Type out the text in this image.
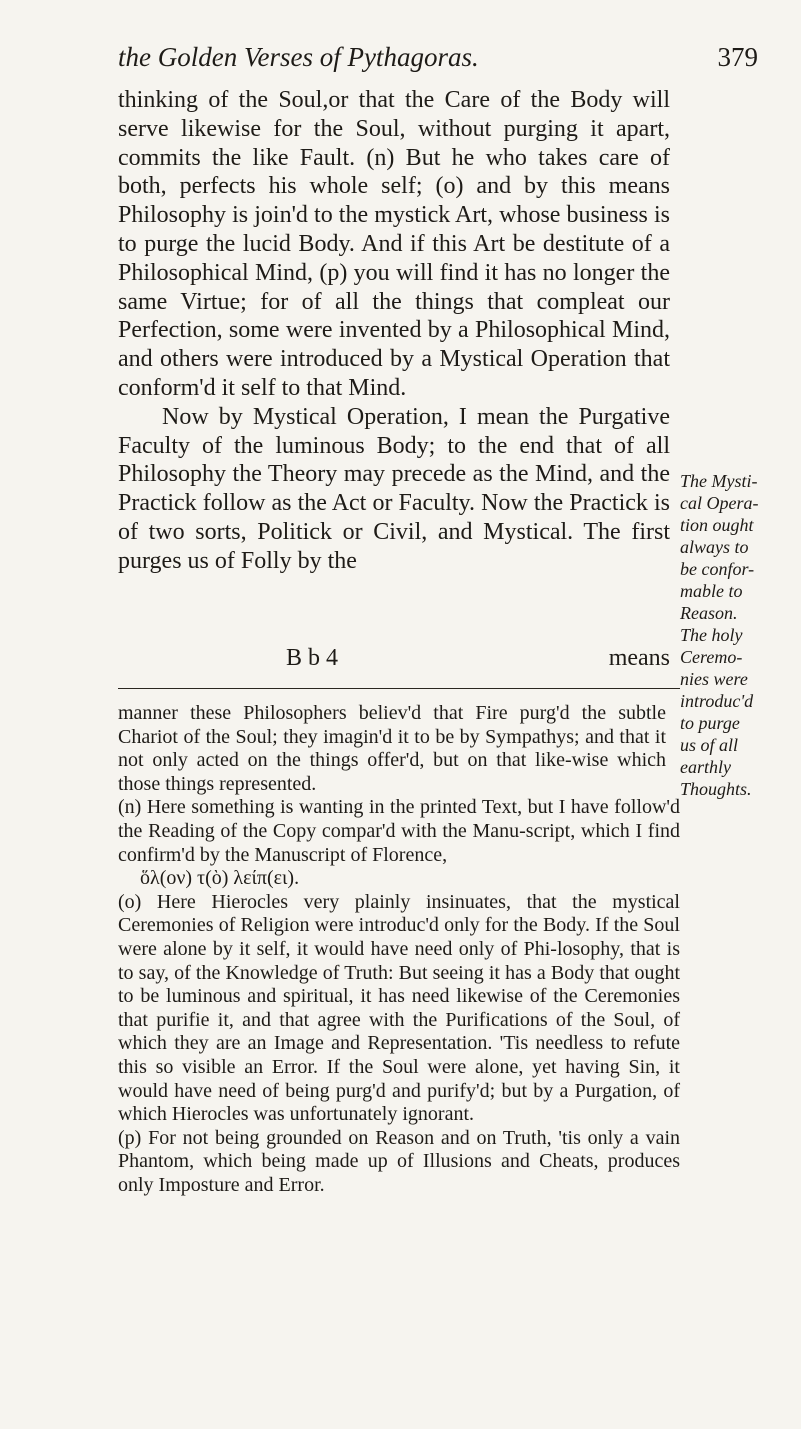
the Golden Verses of Pythagoras.	379

thinking of the Soul,or that the Care of the Body will serve likewise for the Soul, without purging it apart, commits the like Fault. (n) But he who takes care of both, perfects his whole self; (o) and by this means Philosophy is join'd to the mystick Art, whose business is to purge the lucid Body. And if this Art be destitute of a Philosophical Mind, (p) you will find it has no longer the same Virtue; for of all the things that compleat our Perfection, some were invented by a Philosophical Mind, and others were introduced by a Mystical Operation that conform'd it self to that Mind.

Now by Mystical Operation, I mean the Purgative Faculty of the luminous Body; to the end that of all Philosophy the Theory may precede as the Mind, and the Practick follow as the Act or Faculty. Now the Practick is of two sorts, Politick or Civil, and Mystical. The first purges us of Folly by the

B b 4	means
The Mysti-
cal Opera-
tion ought
always to
be confor-
mable to
Reason.
The holy
Ceremo-
nies were
introduc'd
to purge
us of all
earthly
Thoughts.

manner these Philosophers believ'd that Fire purg'd the subtle Chariot of the Soul; they imagin'd it to be by Sympathys; and that it not only acted on the things offer'd, but on that like-wise which those things represented.

(n) Here something is wanting in the printed Text, but I have follow'd the Reading of the Copy compar'd with the Manu-script, which I find confirm'd by the Manuscript of Florence,

ὅλ(ον) τ(ὸ) λείπ(ει).

(o) Here Hierocles very plainly insinuates, that the mystical Ceremonies of Religion were introduc'd only for the Body. If the Soul were alone by it self, it would have need only of Phi-losophy, that is to say, of the Knowledge of Truth: But seeing it has a Body that ought to be luminous and spiritual, it has need likewise of the Ceremonies that purifie it, and that agree with the Purifications of the Soul, of which they are an Image and Representation. 'Tis needless to refute this so visible an Error. If the Soul were alone, yet having Sin, it would have need of being purg'd and purify'd; but by a Purgation, of which Hierocles was unfortunately ignorant.

(p) For not being grounded on Reason and on Truth, 'tis only a vain Phantom, which being made up of Illusions and Cheats, produces only Imposture and Error.
